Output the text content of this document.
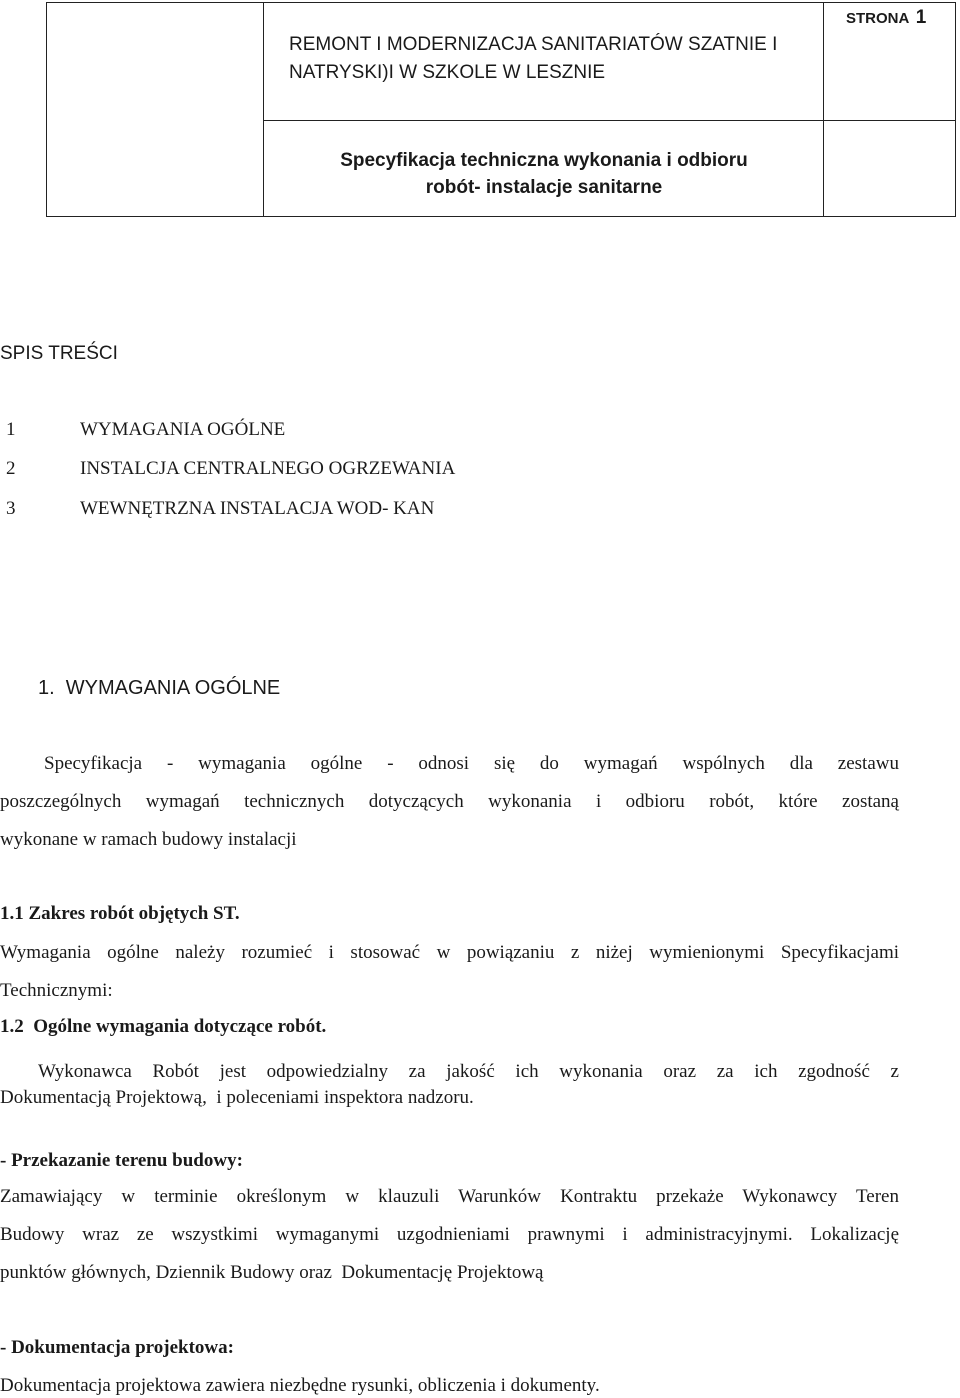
REMONT I MODERNIZACJA SANITARIATÓW SZATNIE I
NATRYSKI)I W SZKOLE W LESZNIE
STRONA 1
Specyfikacja techniczna wykonania i odbioru
robót- instalacje sanitarne
SPIS TREŚCI
1	WYMAGANIA OGÓLNE
2	INSTALCJA CENTRALNEGO OGRZEWANIA
3	WEWNĘTRZNA INSTALACJA WOD- KAN
1.  WYMAGANIA OGÓLNE
Specyfikacja - wymagania ogólne - odnosi się do wymagań wspólnych dla zestawu
poszczególnych wymagań technicznych dotyczących wykonania i odbioru robót, które zostaną
wykonane w ramach budowy instalacji
1.1 Zakres robót objętych ST.
Wymagania ogólne należy rozumieć i stosować w powiązaniu z niżej wymienionymi Specyfikacjami
Technicznymi:
1.2  Ogólne wymagania dotyczące robót.
Wykonawca Robót jest odpowiedzialny za jakość ich wykonania oraz za ich zgodność z
Dokumentacją Projektową,  i poleceniami inspektora nadzoru.
- Przekazanie terenu budowy:
Zamawiający w terminie określonym w klauzuli Warunków Kontraktu przekaże Wykonawcy Teren
Budowy wraz ze wszystkimi wymaganymi uzgodnieniami prawnymi i administracyjnymi. Lokalizację
punktów głównych, Dziennik Budowy oraz  Dokumentację Projektową
- Dokumentacja projektowa:
Dokumentacja projektowa zawiera niezbędne rysunki, obliczenia i dokumenty.
